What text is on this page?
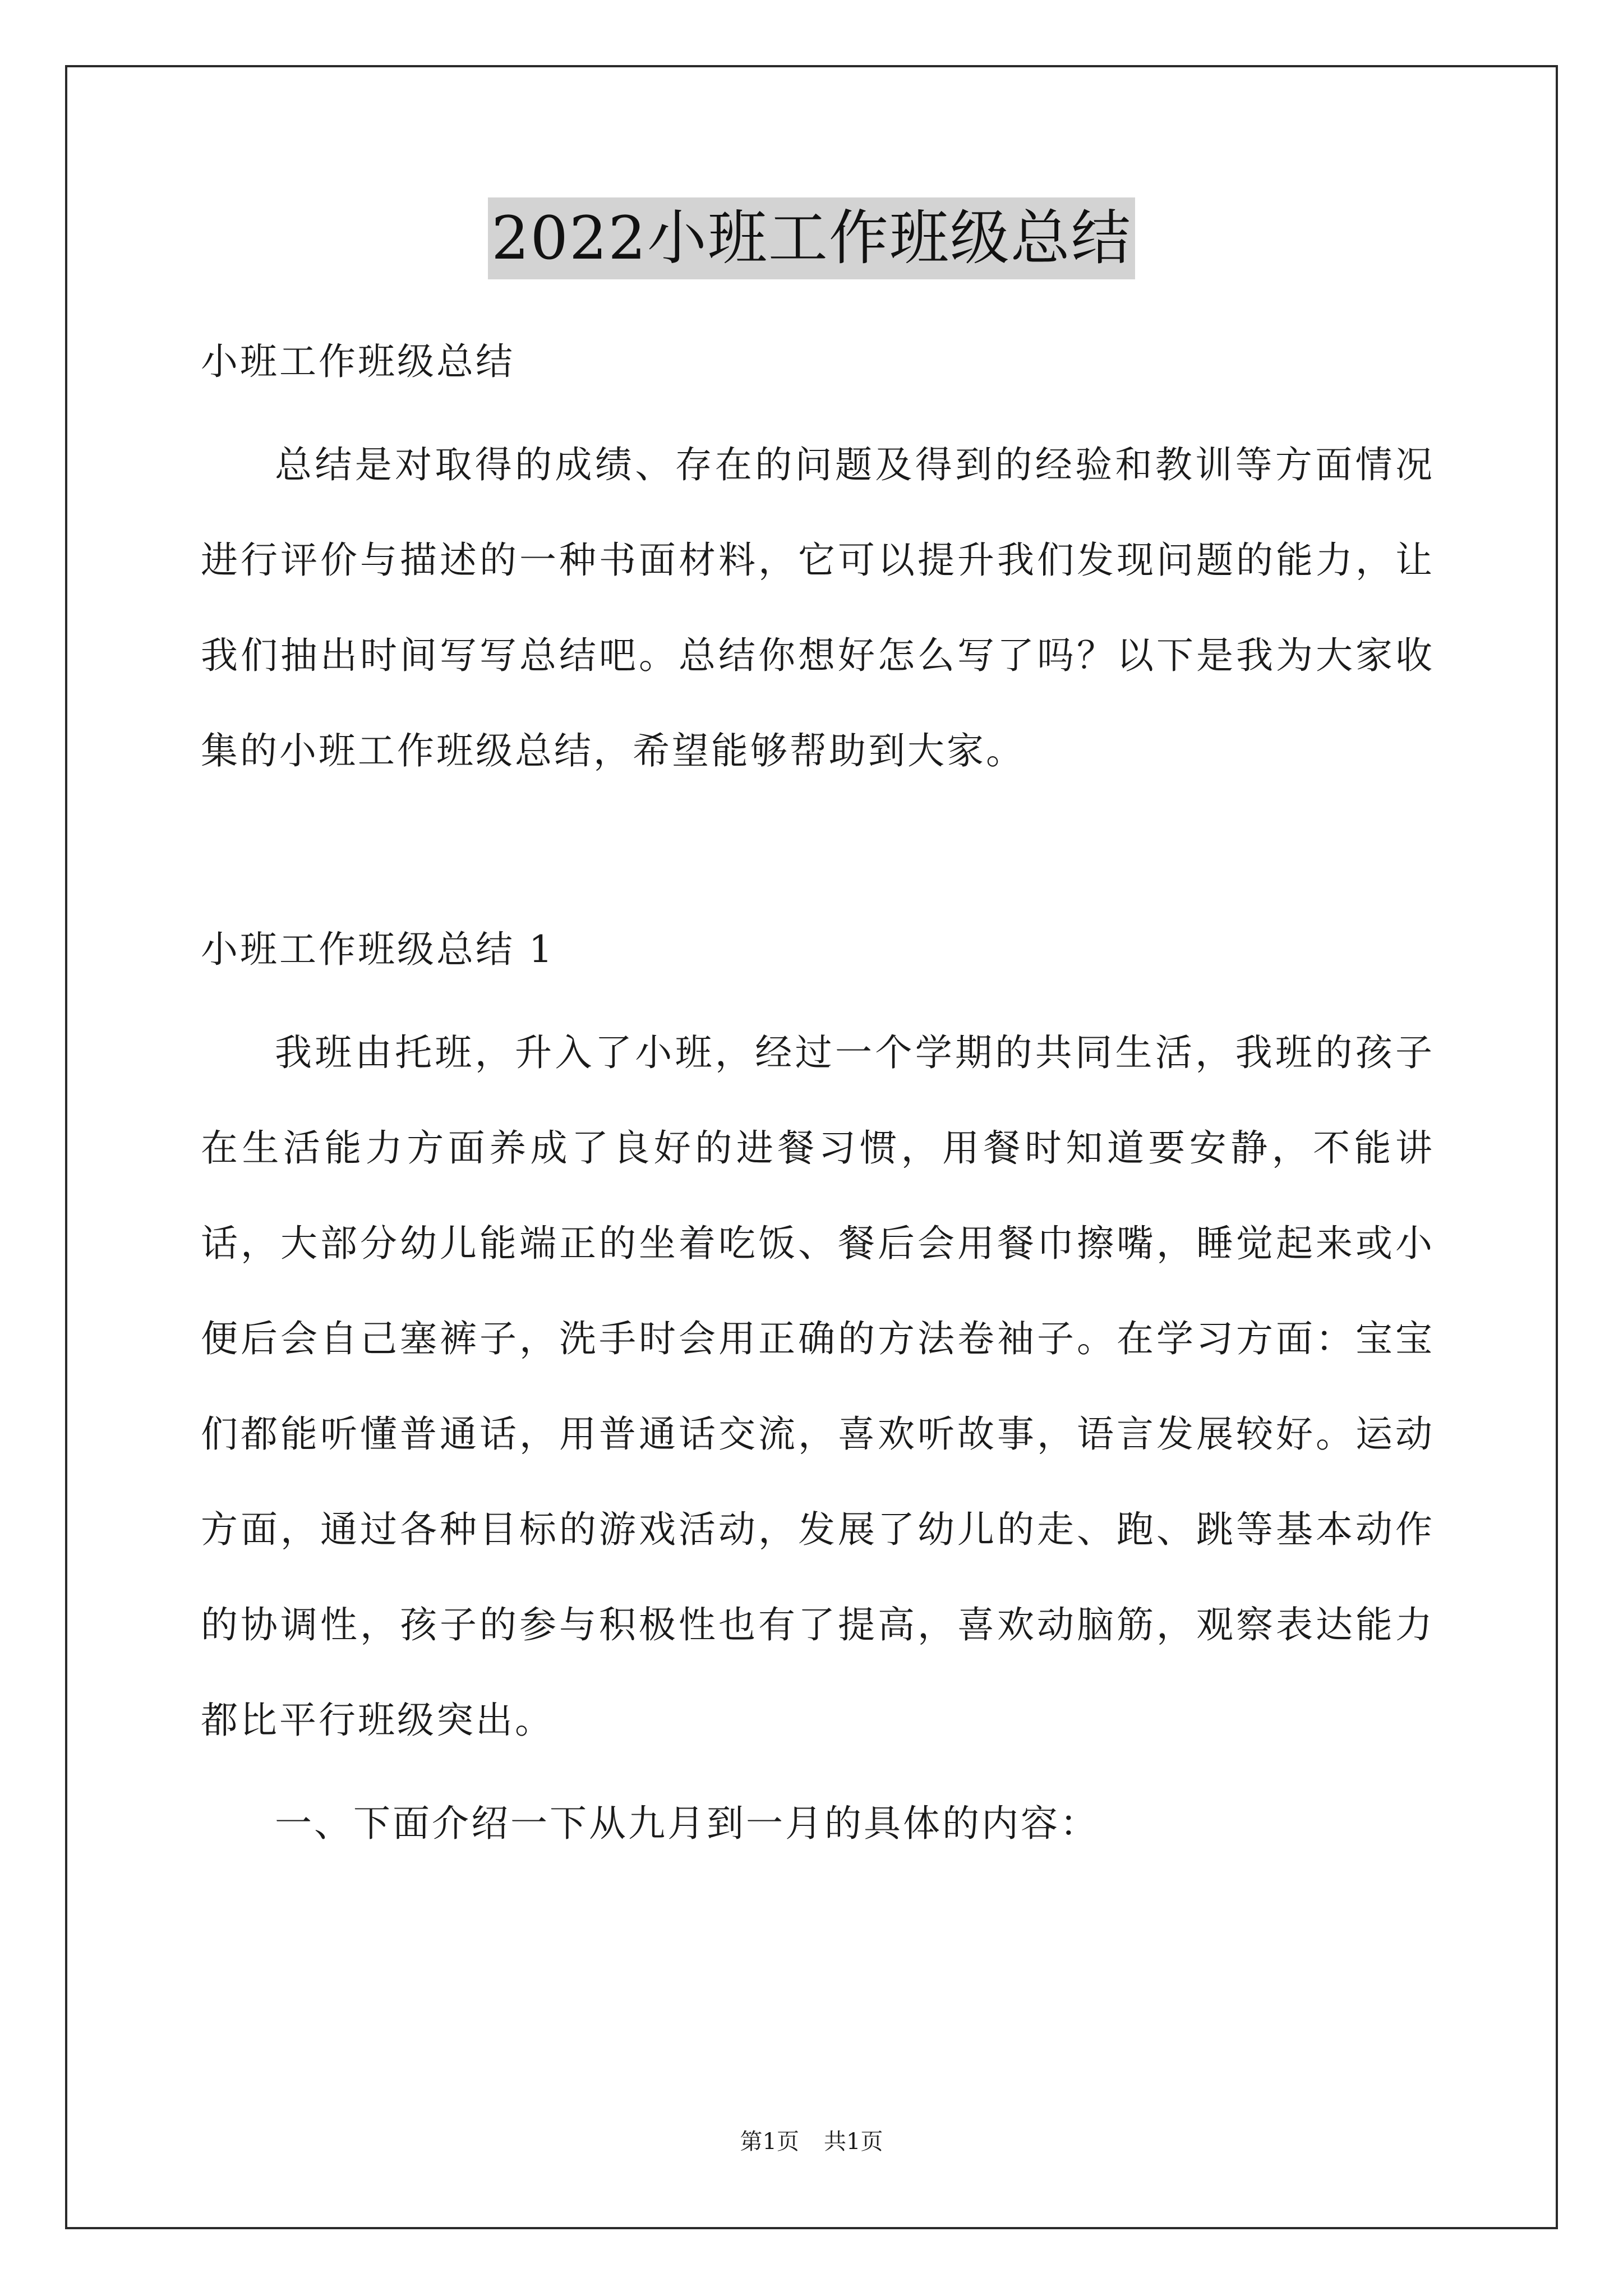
2022小班工作班级总结

小班工作班级总结

总结是对取得的成绩、存在的问题及得到的经验和教训等方面情况进行评价与描述的一种书面材料，它可以提升我们发现问题的能力，让我们抽出时间写写总结吧。总结你想好怎么写了吗？以下是我为大家收集的小班工作班级总结，希望能够帮助到大家。

小班工作班级总结 1

我班由托班，升入了小班，经过一个学期的共同生活，我班的孩子在生活能力方面养成了良好的进餐习惯，用餐时知道要安静，不能讲话，大部分幼儿能端正的坐着吃饭、餐后会用餐巾擦嘴，睡觉起来或小便后会自己塞裤子，洗手时会用正确的方法卷袖子。在学习方面：宝宝们都能听懂普通话，用普通话交流，喜欢听故事，语言发展较好。运动方面，通过各种目标的游戏活动，发展了幼儿的走、跑、跳等基本动作的协调性，孩子的参与积极性也有了提高，喜欢动脑筋，观察表达能力都比平行班级突出。

一、下面介绍一下从九月到一月的具体的内容：

第1页 共1页
